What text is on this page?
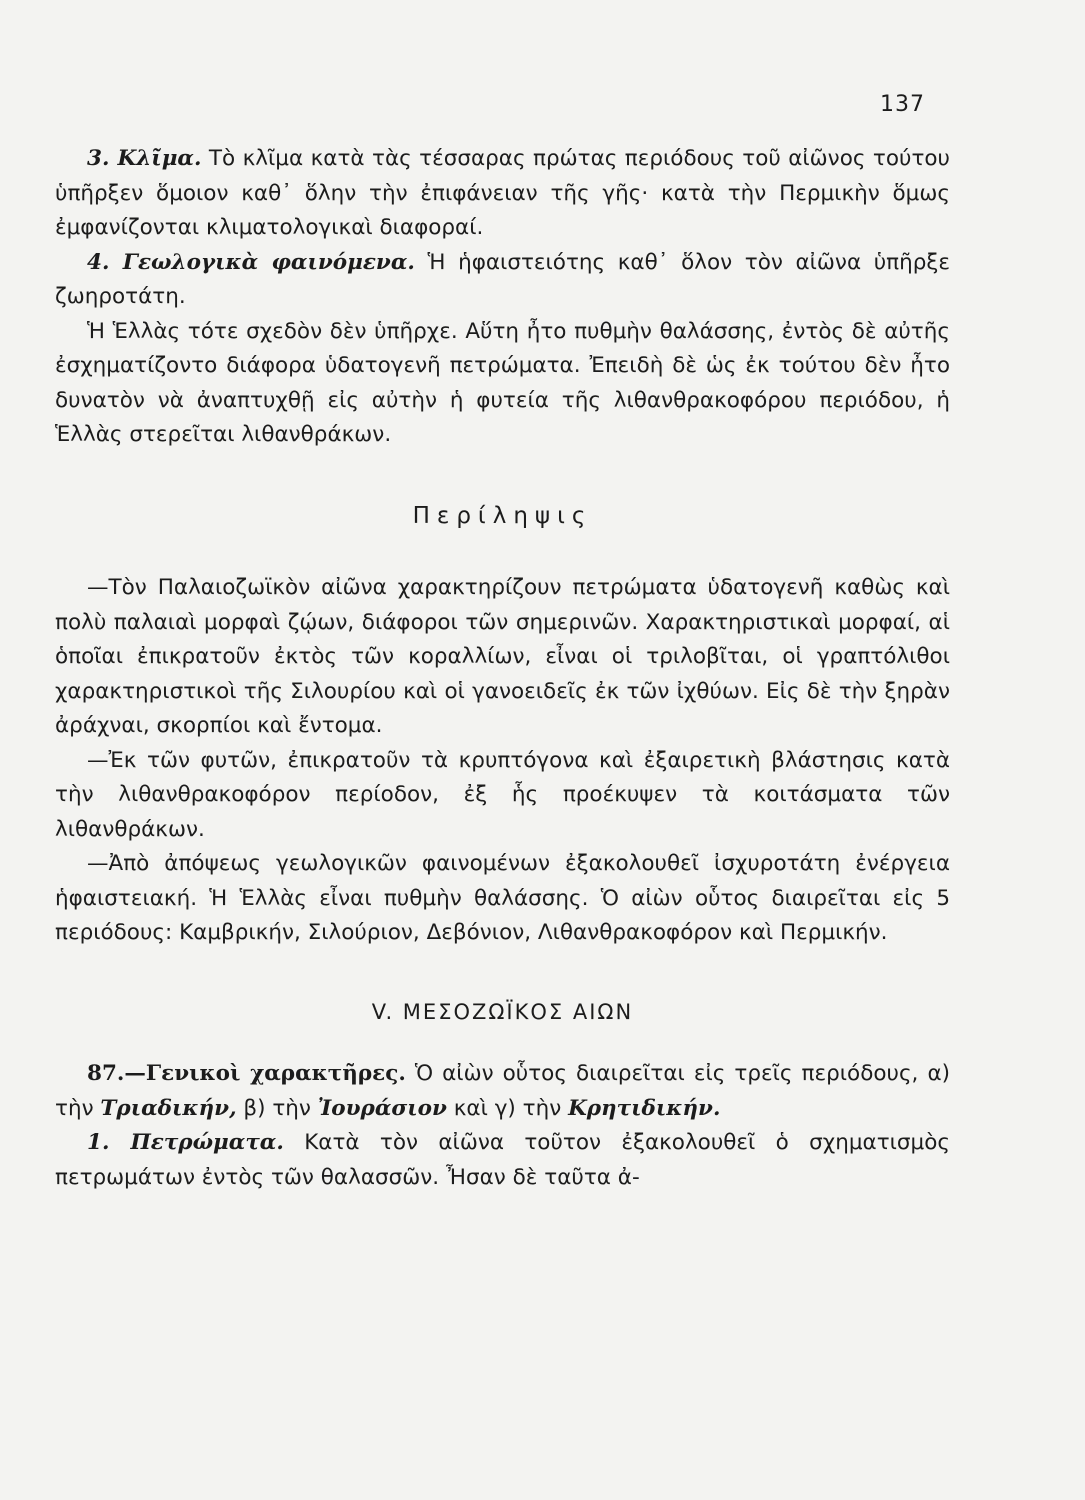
137

3. Κλῖμα. Τὸ κλῖμα κατὰ τὰς τέσσαρας πρώτας περιόδους τοῦ αἰῶνος τούτου ὑπῆρξεν ὅμοιον καθ᾽ ὅλην τὴν ἐπιφάνειαν τῆς γῆς· κατὰ τὴν Περμικὴν ὅμως ἐμφανίζονται κλιματολογικαὶ διαφοραί.

4. Γεωλογικὰ φαινόμενα. Ἡ ἡφαιστειότης καθ᾽ ὅλον τὸν αἰῶνα ὑπῆρξε ζωηροτάτη.

Ἡ Ἑλλὰς τότε σχεδὸν δὲν ὑπῆρχε. Αὕτη ἦτο πυθμὴν θαλάσσης, ἐντὸς δὲ αὐτῆς ἐσχηματίζοντο διάφορα ὑδατογενῆ πετρώματα. Ἐπειδὴ δὲ ὡς ἐκ τούτου δὲν ἦτο δυνατὸν νὰ ἀναπτυχθῇ εἰς αὐτὴν ἡ φυτεία τῆς λιθανθρακοφόρου περιόδου, ἡ Ἑλλὰς στερεῖται λιθανθράκων.

Περίληψις

—Τὸν Παλαιοζωϊκὸν αἰῶνα χαρακτηρίζουν πετρώματα ὑδατογενῆ καθὼς καὶ πολὺ παλαιαὶ μορφαὶ ζῴων, διάφοροι τῶν σημερινῶν. Χαρακτηριστικαὶ μορφαί, αἱ ὁποῖαι ἐπικρατοῦν ἐκτὸς τῶν κοραλλίων, εἶναι οἱ τριλοβῖται, οἱ γραπτόλιθοι χαρακτηριστικοὶ τῆς Σιλουρίου καὶ οἱ γανοειδεῖς ἐκ τῶν ἰχθύων. Εἰς δὲ τὴν ξηρὰν ἀράχναι, σκορπίοι καὶ ἔντομα.

—Ἐκ τῶν φυτῶν, ἐπικρατοῦν τὰ κρυπτόγονα καὶ ἐξαιρετικὴ βλάστησις κατὰ τὴν λιθανθρακοφόρον περίοδον, ἐξ ἧς προέκυψεν τὰ κοιτάσματα τῶν λιθανθράκων.

—Ἀπὸ ἀπόψεως γεωλογικῶν φαινομένων ἐξακολουθεῖ ἰσχυροτάτη ἐνέργεια ἡφαιστειακή. Ἡ Ἑλλὰς εἶναι πυθμὴν θαλάσσης. Ὁ αἰὼν οὗτος διαιρεῖται εἰς 5 περιόδους: Καμβρικήν, Σιλούριον, Δεβόνιον, Λιθανθρακοφόρον καὶ Περμικήν.

V. ΜΕΣΟΖΩΪΚΟΣ ΑΙΩΝ

87.—Γενικοὶ χαρακτῆρες. Ὁ αἰὼν οὗτος διαιρεῖται εἰς τρεῖς περιόδους, α) τὴν Τριαδικήν, β) τὴν Ἰουράσιον καὶ γ) τὴν Κρητιδικήν.

1. Πετρώματα. Κατὰ τὸν αἰῶνα τοῦτον ἐξακολουθεῖ ὁ σχηματισμὸς πετρωμάτων ἐντὸς τῶν θαλασσῶν. Ἦσαν δὲ ταῦτα ἀ-
